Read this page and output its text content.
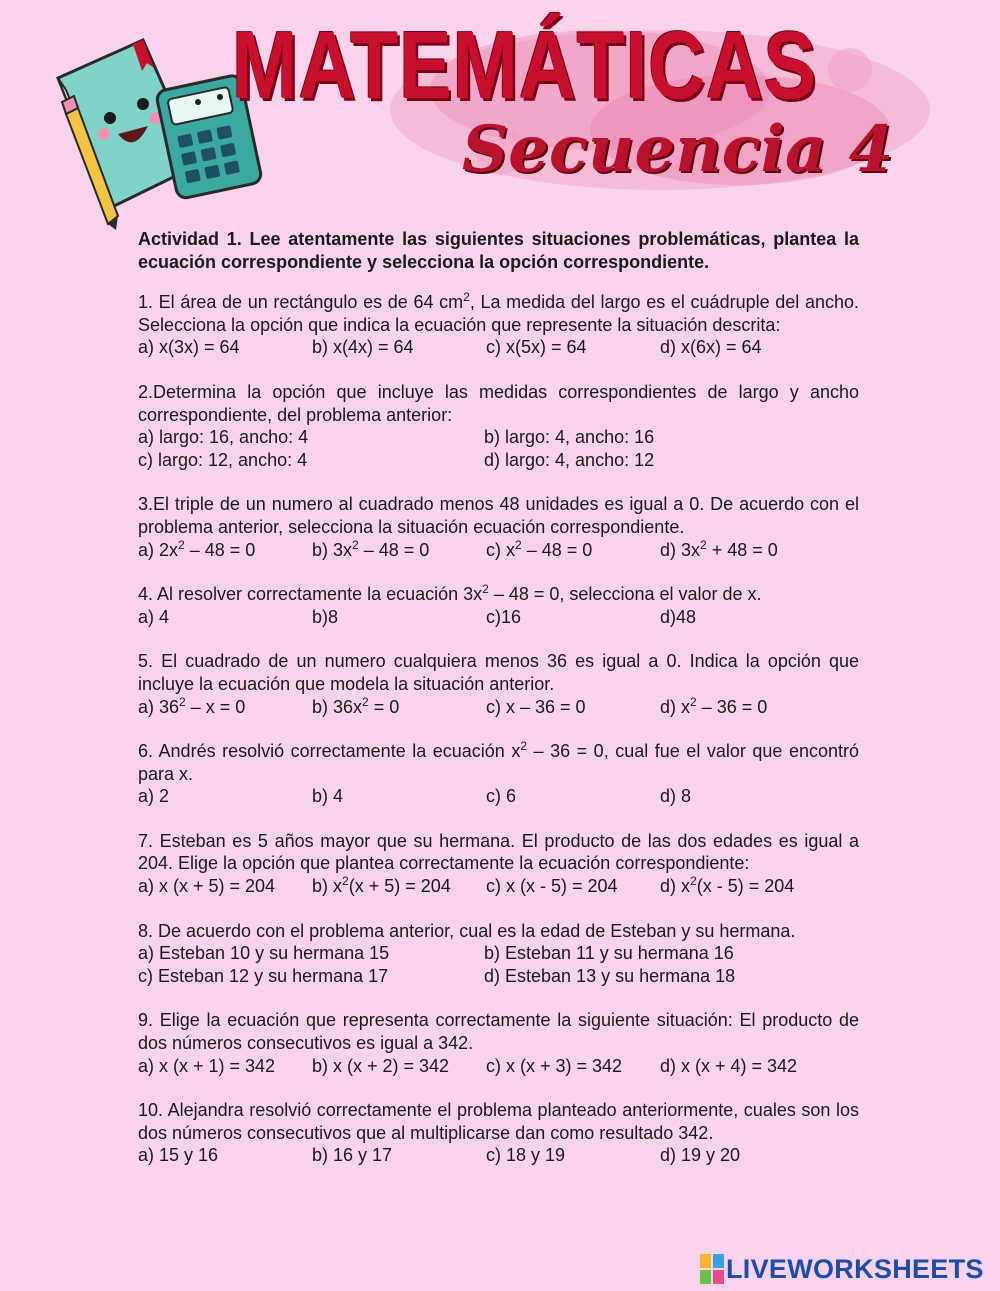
MATEMÁTICAS
Secuencia 4

Actividad 1. Lee atentamente las siguientes situaciones problemáticas, plantea la ecuación correspondiente y selecciona la opción correspondiente.

1. El área de un rectángulo es de 64 $cm^2$, La medida del largo es el cuádruple del ancho. Selecciona la opción que indica la ecuación que represente la situación descrita:

a) x(3x) = 64	b) x(4x) = 64	c) x(5x) = 64	d) x(6x) = 64

2.Determina la opción que incluye las medidas correspondientes de largo y ancho correspondiente, del problema anterior:

a) largo: 16, ancho: 4	b) largo: 4, ancho: 16
c) largo: 12, ancho: 4	d) largo: 4, ancho: 12

3.El triple de un numero al cuadrado menos 48 unidades es igual a 0. De acuerdo con el problema anterior, selecciona la situación ecuación correspondiente.

a) $2x^2 - 48 = 0$	b) $3x^2 - 48 = 0$	c) $x^2 - 48 = 0$	d) $3x^2 + 48 = 0$

4. Al resolver correctamente la ecuación $3x^2 - 48 = 0$, selecciona el valor de x.

a) 4	b)8	c)16	d)48

5. El cuadrado de un numero cualquiera menos 36 es igual a 0. Indica la opción que incluye la ecuación que modela la situación anterior.

a) $36^2 - x = 0$	b) $36x^2 = 0$	c) x – 36 = 0	d) $x^2 - 36 = 0$

6. Andrés resolvió correctamente la ecuación $x^2 - 36 = 0$, cual fue el valor que encontró para x.

a) 2	b) 4	c) 6	d) 8

7. Esteban es 5 años mayor que su hermana. El producto de las dos edades es igual a 204. Elige la opción que plantea correctamente la ecuación correspondiente:

a) x (x + 5) = 204	b) $x^2(x + 5) = 204$	c) x (x - 5) = 204	d) $x^2(x - 5) = 204$

8. De acuerdo con el problema anterior, cual es la edad de Esteban y su hermana.

a) Esteban 10 y su hermana 15	b) Esteban 11 y su hermana 16
c) Esteban 12 y su hermana 17	d) Esteban 13 y su hermana 18

9. Elige la ecuación que representa correctamente la siguiente situación: El producto de dos números consecutivos es igual a 342.

a) x (x + 1) = 342	b) x (x + 2) = 342	c) x (x + 3) = 342	d) x (x + 4) = 342

10. Alejandra resolvió correctamente el problema planteado anteriormente, cuales son los dos números consecutivos que al multiplicarse dan como resultado 342.

a) 15 y 16	b) 16 y 17	c) 18 y 19	d) 19 y 20
LIVEWORKSHEETS
